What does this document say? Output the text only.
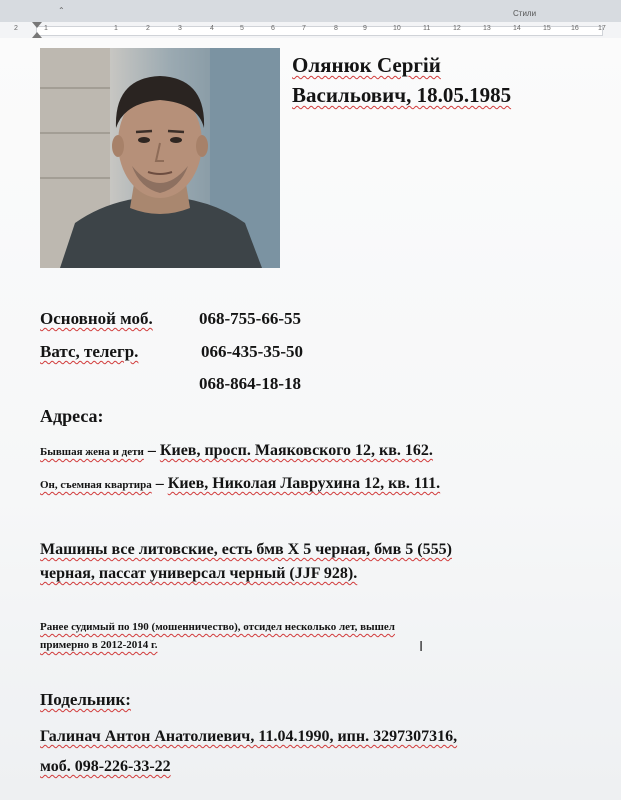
⌃	Стили
2	1	1	2	3	4	5	6	7	8	9	10	11	12	13	14	15	16	17
Олянюк Сергій
Васильович, 18.05.1985
Основной моб.	068-755-66-55
Ватс, телегр.	066-435-35-50
068-864-18-18
Адреса:
Бывшая жена и дети – Киев, просп. Маяковского 12, кв. 162.
Он, съемная квартира – Киев, Николая Лаврухина 12, кв. 111.
Машины все литовские, есть бмв Х 5 черная, бмв 5 (555)
черная, пассат универсал черный (JJF 928).
Ранее судимый по 190 (мошенничество), отсидел несколько лет, вышел
примерно в 2012-2014 г.	I
Подельник:
Галинач Антон Анатолиевич, 11.04.1990, ипн. 3297307316,
моб. 098-226-33-22
